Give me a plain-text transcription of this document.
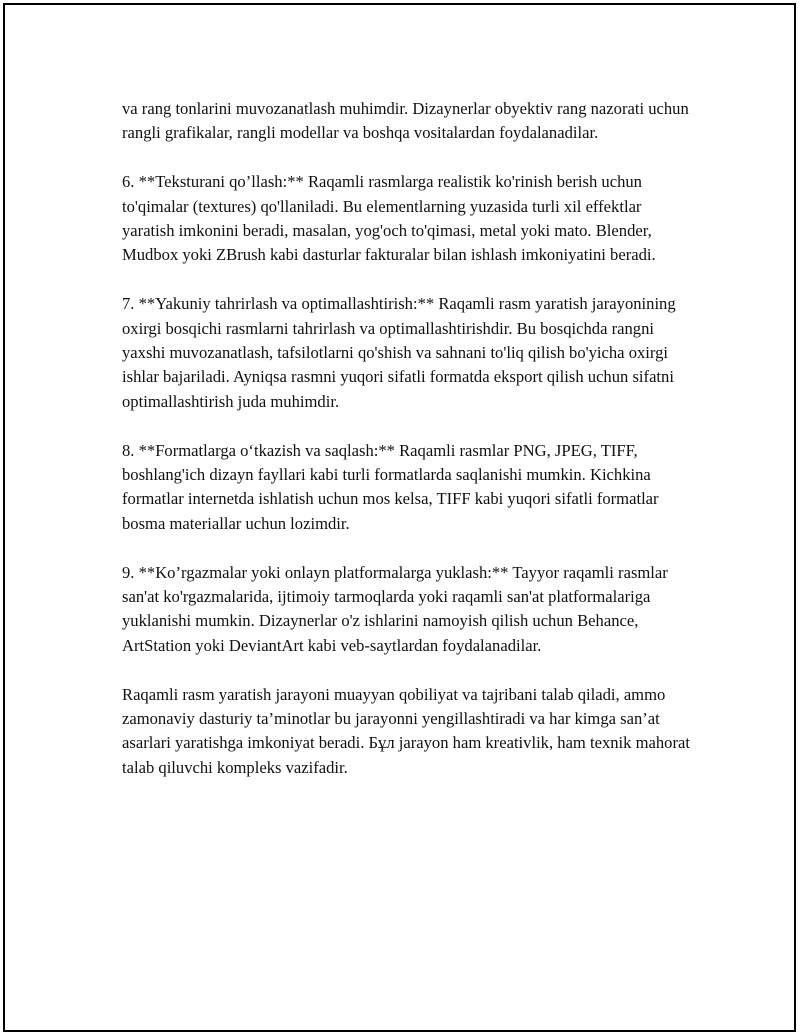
va rang tonlarini muvozanatlash muhimdir. Dizaynerlar obyektiv rang nazorati uchun rangli grafikalar, rangli modellar va boshqa vositalardan foydalanadilar.

6. **Teksturani qo’llash:** Raqamli rasmlarga realistik ko'rinish berish uchun to'qimalar (textures) qo'llaniladi. Bu elementlarning yuzasida turli xil effektlar yaratish imkonini beradi, masalan, yog'och to'qimasi, metal yoki mato. Blender, Mudbox yoki ZBrush kabi dasturlar fakturalar bilan ishlash imkoniyatini beradi.

7. **Yakuniy tahrirlash va optimallashtirish:** Raqamli rasm yaratish jarayonining oxirgi bosqichi rasmlarni tahrirlash va optimallashtirishdir. Bu bosqichda rangni yaxshi muvozanatlash, tafsilotlarni qo'shish va sahnani to'liq qilish bo'yicha oxirgi ishlar bajariladi. Ayniqsa rasmni yuqori sifatli formatda eksport qilish uchun sifatni optimallashtirish juda muhimdir.

8. **Formatlarga o‘tkazish va saqlash:** Raqamli rasmlar PNG, JPEG, TIFF, boshlang'ich dizayn fayllari kabi turli formatlarda saqlanishi mumkin. Kichkina formatlar internetda ishlatish uchun mos kelsa, TIFF kabi yuqori sifatli formatlar bosma materiallar uchun lozimdir.

9. **Ko’rgazmalar yoki onlayn platformalarga yuklash:** Tayyor raqamli rasmlar san'at ko'rgazmalarida, ijtimoiy tarmoqlarda yoki raqamli san'at platformalariga yuklanishi mumkin. Dizaynerlar o'z ishlarini namoyish qilish uchun Behance, ArtStation yoki DeviantArt kabi veb-saytlardan foydalanadilar.

Raqamli rasm yaratish jarayoni muayyan qobiliyat va tajribani talab qiladi, ammo zamonaviy dasturiy ta’minotlar bu jarayonni yengillashtiradi va har kimga san’at asarlari yaratishga imkoniyat beradi. Бұл jarayon ham kreativlik, ham texnik mahorat talab qiluvchi kompleks vazifadir.
